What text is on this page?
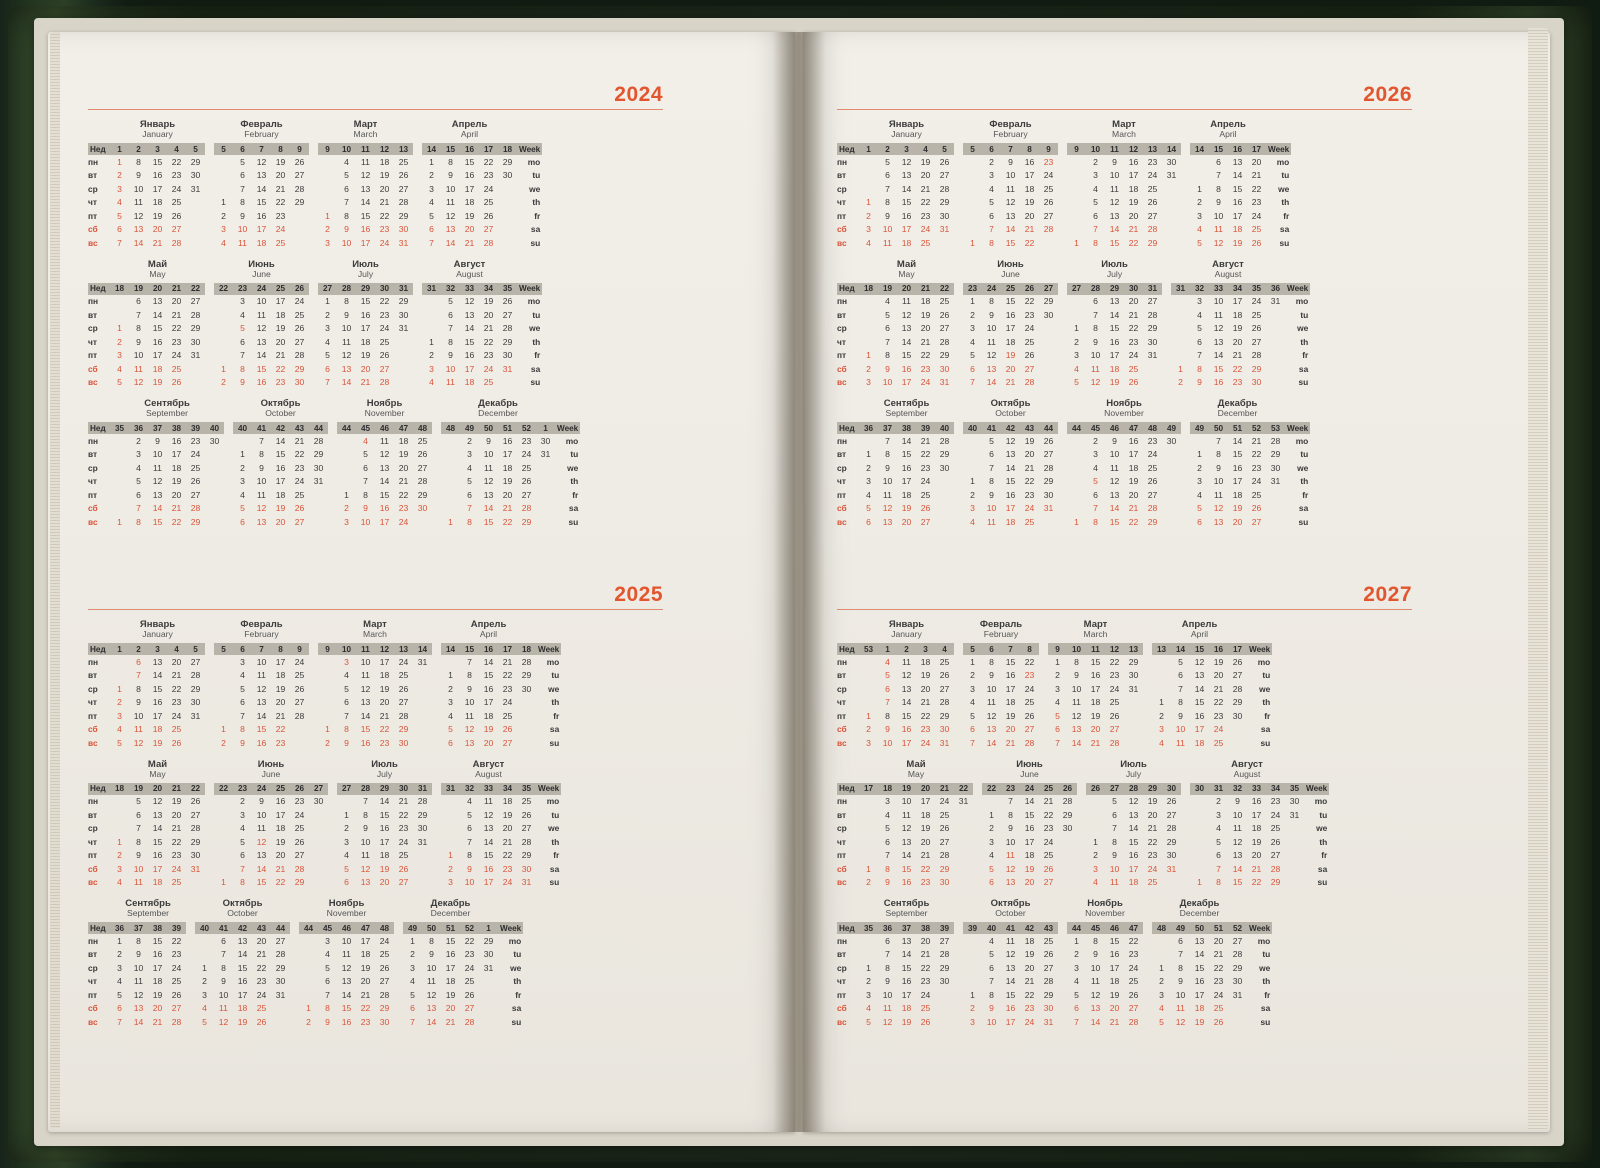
2024

Январь
January

Февраль
February

Март
March

Апрель
April

Нед	1	2	3	4	5		5	6	7	8	9		9	10	11	12	13		14	15	16	17	18	Week
пн	1	8	15	22	29			5	12	19	26			4	11	18	25		1	8	15	22	29	mo
вт	2	9	16	23	30			6	13	20	27			5	12	19	26		2	9	16	23	30	tu
ср	3	10	17	24	31			7	14	21	28			6	13	20	27		3	10	17	24		we
чт	4	11	18	25			1	8	15	22	29			7	14	21	28		4	11	18	25		th
пт	5	12	19	26			2	9	16	23			1	8	15	22	29		5	12	19	26		fr
сб	6	13	20	27			3	10	17	24			2	9	16	23	30		6	13	20	27		sa
вс	7	14	21	28			4	11	18	25			3	10	17	24	31		7	14	21	28		su

Май
May

Июнь
June

Июль
July

Август
August

Нед	18	19	20	21	22		22	23	24	25	26		27	28	29	30	31		31	32	33	34	35	Week
пн		6	13	20	27			3	10	17	24		1	8	15	22	29			5	12	19	26	mo
вт		7	14	21	28			4	11	18	25		2	9	16	23	30			6	13	20	27	tu
ср	1	8	15	22	29			5	12	19	26		3	10	17	24	31			7	14	21	28	we
чт	2	9	16	23	30			6	13	20	27		4	11	18	25			1	8	15	22	29	th
пт	3	10	17	24	31			7	14	21	28		5	12	19	26			2	9	16	23	30	fr
сб	4	11	18	25			1	8	15	22	29		6	13	20	27			3	10	17	24	31	sa
вс	5	12	19	26			2	9	16	23	30		7	14	21	28			4	11	18	25		su

Сентябрь
September

Октябрь
October

Ноябрь
November

Декабрь
December

Нед	35	36	37	38	39	40		40	41	42	43	44		44	45	46	47	48		48	49	50	51	52	1	Week
пн		2	9	16	23	30			7	14	21	28			4	11	18	25			2	9	16	23	30	mo
вт		3	10	17	24			1	8	15	22	29			5	12	19	26			3	10	17	24	31	tu
ср		4	11	18	25			2	9	16	23	30			6	13	20	27			4	11	18	25		we
чт		5	12	19	26			3	10	17	24	31			7	14	21	28			5	12	19	26		th
пт		6	13	20	27			4	11	18	25			1	8	15	22	29			6	13	20	27		fr
сб		7	14	21	28			5	12	19	26			2	9	16	23	30			7	14	21	28		sa
вс	1	8	15	22	29			6	13	20	27			3	10	17	24			1	8	15	22	29		su
2025

Январь
January

Февраль
February

Март
March

Апрель
April

Нед	1	2	3	4	5		5	6	7	8	9		9	10	11	12	13	14		14	15	16	17	18	Week
пн		6	13	20	27			3	10	17	24			3	10	17	24	31			7	14	21	28	mo
вт		7	14	21	28			4	11	18	25			4	11	18	25			1	8	15	22	29	tu
ср	1	8	15	22	29			5	12	19	26			5	12	19	26			2	9	16	23	30	we
чт	2	9	16	23	30			6	13	20	27			6	13	20	27			3	10	17	24		th
пт	3	10	17	24	31			7	14	21	28			7	14	21	28			4	11	18	25		fr
сб	4	11	18	25			1	8	15	22			1	8	15	22	29			5	12	19	26		sa
вс	5	12	19	26			2	9	16	23			2	9	16	23	30			6	13	20	27		su

Май
May

Июнь
June

Июль
July

Август
August

Нед	18	19	20	21	22		22	23	24	25	26	27		27	28	29	30	31		31	32	33	34	35	Week
пн		5	12	19	26			2	9	16	23	30			7	14	21	28			4	11	18	25	mo
вт		6	13	20	27			3	10	17	24			1	8	15	22	29			5	12	19	26	tu
ср		7	14	21	28			4	11	18	25			2	9	16	23	30			6	13	20	27	we
чт	1	8	15	22	29			5	12	19	26			3	10	17	24	31			7	14	21	28	th
пт	2	9	16	23	30			6	13	20	27			4	11	18	25			1	8	15	22	29	fr
сб	3	10	17	24	31			7	14	21	28			5	12	19	26			2	9	16	23	30	sa
вс	4	11	18	25			1	8	15	22	29			6	13	20	27			3	10	17	24	31	su

Сентябрь
September

Октябрь
October

Ноябрь
November

Декабрь
December

Нед	36	37	38	39		40	41	42	43	44		44	45	46	47	48		49	50	51	52	1	Week
пн	1	8	15	22			6	13	20	27			3	10	17	24		1	8	15	22	29	mo
вт	2	9	16	23			7	14	21	28			4	11	18	25		2	9	16	23	30	tu
ср	3	10	17	24		1	8	15	22	29			5	12	19	26		3	10	17	24	31	we
чт	4	11	18	25		2	9	16	23	30			6	13	20	27		4	11	18	25		th
пт	5	12	19	26		3	10	17	24	31			7	14	21	28		5	12	19	26		fr
сб	6	13	20	27		4	11	18	25			1	8	15	22	29		6	13	20	27		sa
вс	7	14	21	28		5	12	19	26			2	9	16	23	30		7	14	21	28		su
2026

Январь
January

Февраль
February

Март
March

Апрель
April

Нед	1	2	3	4	5		5	6	7	8	9		9	10	11	12	13	14		14	15	16	17	Week
пн		5	12	19	26			2	9	16	23			2	9	16	23	30			6	13	20	mo
вт		6	13	20	27			3	10	17	24			3	10	17	24	31			7	14	21	tu
ср		7	14	21	28			4	11	18	25			4	11	18	25			1	8	15	22	we
чт	1	8	15	22	29			5	12	19	26			5	12	19	26			2	9	16	23	th
пт	2	9	16	23	30			6	13	20	27			6	13	20	27			3	10	17	24	fr
сб	3	10	17	24	31			7	14	21	28			7	14	21	28			4	11	18	25	sa
вс	4	11	18	25			1	8	15	22			1	8	15	22	29			5	12	19	26	su

Май
May

Июнь
June

Июль
July

Август
August

Нед	18	19	20	21	22		23	24	25	26	27		27	28	29	30	31		31	32	33	34	35	36	Week
пн		4	11	18	25		1	8	15	22	29			6	13	20	27			3	10	17	24	31	mo
вт		5	12	19	26		2	9	16	23	30			7	14	21	28			4	11	18	25		tu
ср		6	13	20	27		3	10	17	24			1	8	15	22	29			5	12	19	26		we
чт		7	14	21	28		4	11	18	25			2	9	16	23	30			6	13	20	27		th
пт	1	8	15	22	29		5	12	19	26			3	10	17	24	31			7	14	21	28		fr
сб	2	9	16	23	30		6	13	20	27			4	11	18	25			1	8	15	22	29		sa
вс	3	10	17	24	31		7	14	21	28			5	12	19	26			2	9	16	23	30		su

Сентябрь
September

Октябрь
October

Ноябрь
November

Декабрь
December

Нед	36	37	38	39	40		40	41	42	43	44		44	45	46	47	48	49		49	50	51	52	53	Week
пн		7	14	21	28			5	12	19	26			2	9	16	23	30			7	14	21	28	mo
вт	1	8	15	22	29			6	13	20	27			3	10	17	24			1	8	15	22	29	tu
ср	2	9	16	23	30			7	14	21	28			4	11	18	25			2	9	16	23	30	we
чт	3	10	17	24			1	8	15	22	29			5	12	19	26			3	10	17	24	31	th
пт	4	11	18	25			2	9	16	23	30			6	13	20	27			4	11	18	25		fr
сб	5	12	19	26			3	10	17	24	31			7	14	21	28			5	12	19	26		sa
вс	6	13	20	27			4	11	18	25			1	8	15	22	29			6	13	20	27		su
2027

Январь
January

Февраль
February

Март
March

Апрель
April

Нед	53	1	2	3	4		5	6	7	8		9	10	11	12	13		13	14	15	16	17	Week
пн		4	11	18	25		1	8	15	22		1	8	15	22	29			5	12	19	26	mo
вт		5	12	19	26		2	9	16	23		2	9	16	23	30			6	13	20	27	tu
ср		6	13	20	27		3	10	17	24		3	10	17	24	31			7	14	21	28	we
чт		7	14	21	28		4	11	18	25		4	11	18	25			1	8	15	22	29	th
пт	1	8	15	22	29		5	12	19	26		5	12	19	26			2	9	16	23	30	fr
сб	2	9	16	23	30		6	13	20	27		6	13	20	27			3	10	17	24		sa
вс	3	10	17	24	31		7	14	21	28		7	14	21	28			4	11	18	25		su

Май
May

Июнь
June

Июль
July

Август
August

Нед	17	18	19	20	21	22		22	23	24	25	26		26	27	28	29	30		30	31	32	33	34	35	Week
пн		3	10	17	24	31			7	14	21	28			5	12	19	26			2	9	16	23	30	mo
вт		4	11	18	25			1	8	15	22	29			6	13	20	27			3	10	17	24	31	tu
ср		5	12	19	26			2	9	16	23	30			7	14	21	28			4	11	18	25		we
чт		6	13	20	27			3	10	17	24			1	8	15	22	29			5	12	19	26		th
пт		7	14	21	28			4	11	18	25			2	9	16	23	30			6	13	20	27		fr
сб	1	8	15	22	29			5	12	19	26			3	10	17	24	31			7	14	21	28		sa
вс	2	9	16	23	30			6	13	20	27			4	11	18	25			1	8	15	22	29		su

Сентябрь
September

Октябрь
October

Ноябрь
November

Декабрь
December

Нед	35	36	37	38	39		39	40	41	42	43		44	45	46	47		48	49	50	51	52	Week
пн		6	13	20	27			4	11	18	25		1	8	15	22			6	13	20	27	mo
вт		7	14	21	28			5	12	19	26		2	9	16	23			7	14	21	28	tu
ср	1	8	15	22	29			6	13	20	27		3	10	17	24		1	8	15	22	29	we
чт	2	9	16	23	30			7	14	21	28		4	11	18	25		2	9	16	23	30	th
пт	3	10	17	24			1	8	15	22	29		5	12	19	26		3	10	17	24	31	fr
сб	4	11	18	25			2	9	16	23	30		6	13	20	27		4	11	18	25		sa
вс	5	12	19	26			3	10	17	24	31		7	14	21	28		5	12	19	26		su
